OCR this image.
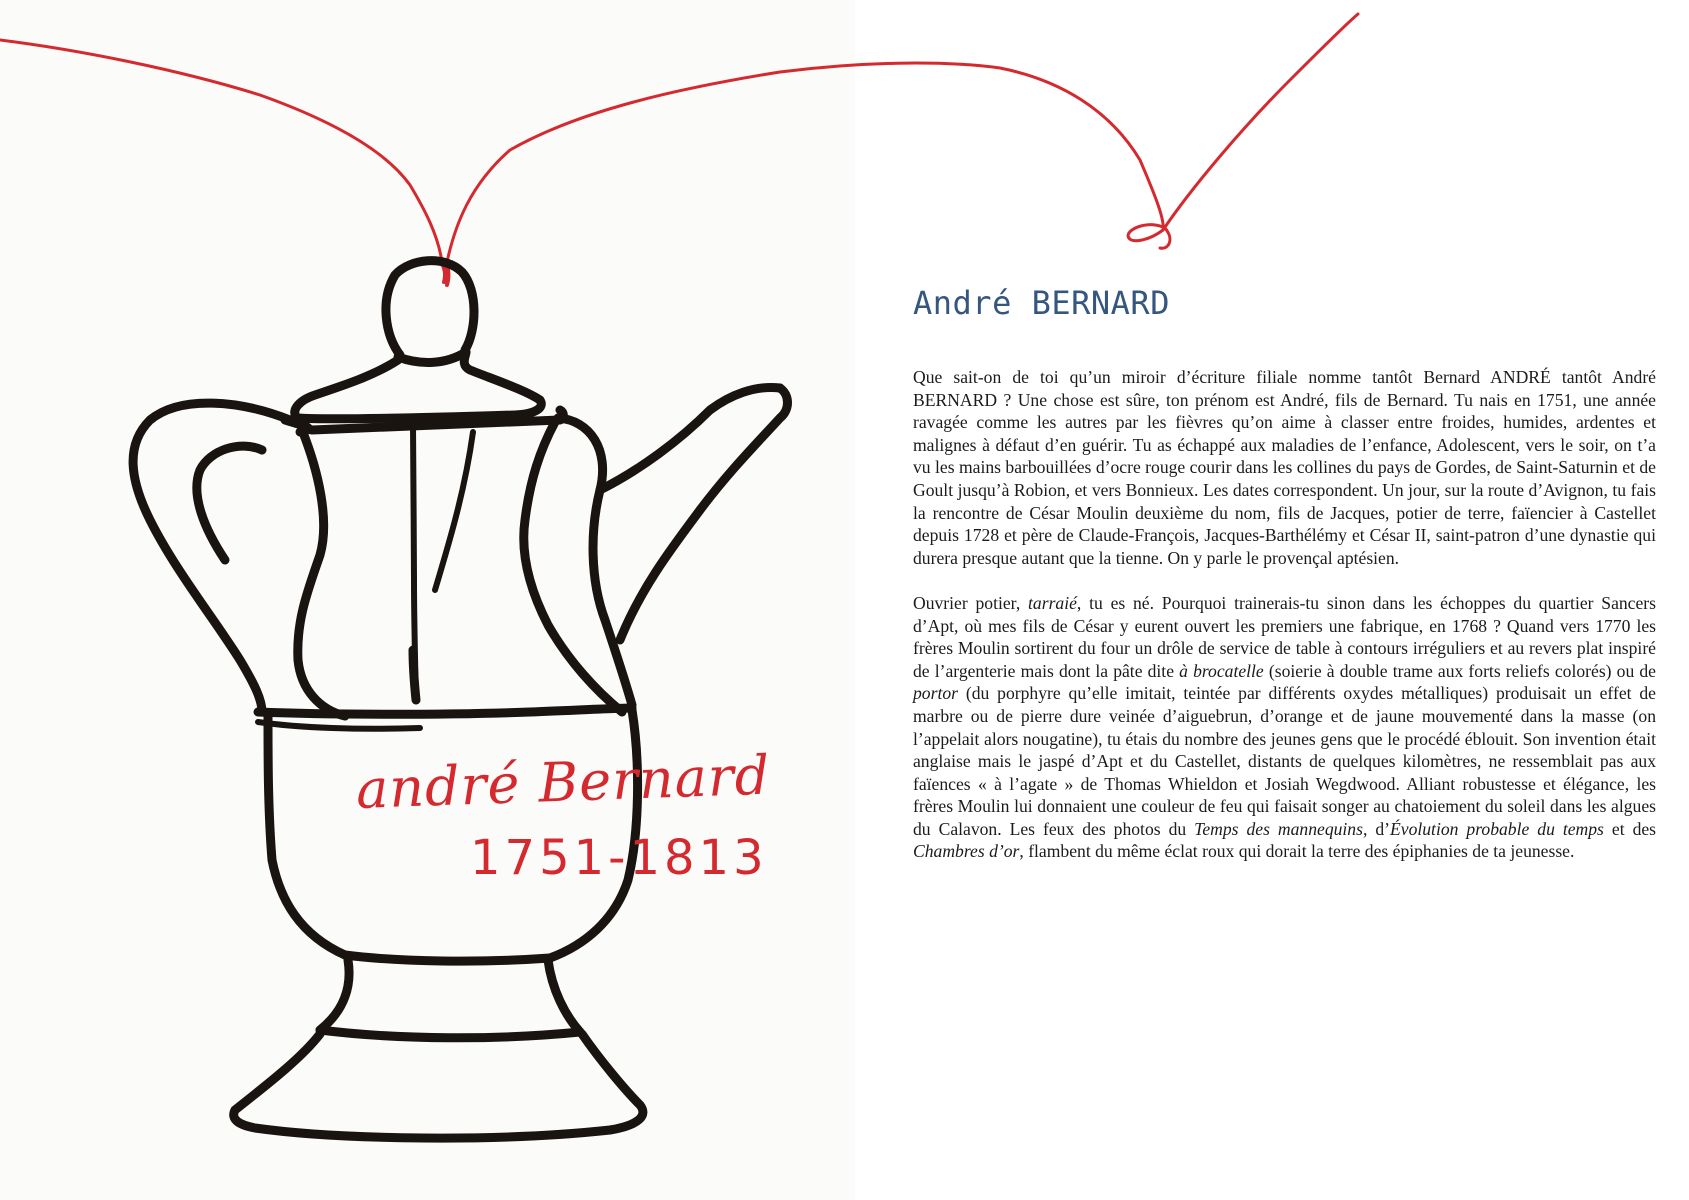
andré Bernard
1751-1813
André BERNARD

Que sait-on de toi qu’un miroir d’écriture filiale nomme tantôt Bernard ANDRÉ tantôt André BERNARD ? Une chose est sûre, ton prénom est André, fils de Bernard. Tu nais en 1751, une année ravagée comme les autres par les fièvres qu’on aime à classer entre froides, humides, ardentes et malignes à défaut d’en guérir. Tu as échappé aux maladies de l’enfance, Adolescent, vers le soir, on t’a vu les mains barbouillées d’ocre rouge courir dans les collines du pays de Gordes, de Saint-Saturnin et de Goult jusqu’à Robion, et vers Bonnieux. Les dates correspondent. Un jour, sur la route d’Avignon, tu fais la rencontre de César Moulin deuxième du nom, fils de Jacques, potier de terre, faïencier à Castellet depuis 1728 et père de Claude-François, Jacques-Barthélémy et César II, saint-patron d’une dynastie qui durera presque autant que la tienne. On y parle le provençal aptésien.

Ouvrier potier, tarraié, tu es né. Pourquoi trainerais-tu sinon dans les échoppes du quartier Sancers d’Apt, où mes fils de César y eurent ouvert les premiers une fabrique, en 1768 ? Quand vers 1770 les frères Moulin sortirent du four un drôle de service de table à contours irréguliers et au revers plat inspiré de l’argenterie mais dont la pâte dite à brocatelle (soierie à double trame aux forts reliefs colorés) ou de portor (du porphyre qu’elle imitait, teintée par différents oxydes métalliques) produisait un effet de marbre ou de pierre dure veinée d’aiguebrun, d’orange et de jaune mouvementé dans la masse (on l’appelait alors nougatine), tu étais du nombre des jeunes gens que le procédé éblouit. Son invention était anglaise mais le jaspé d’Apt et du Castellet, distants de quelques kilomètres, ne ressemblait pas aux faïences « à l’agate » de Thomas Whieldon et Josiah Wegdwood. Alliant robustesse et élégance, les frères Moulin lui donnaient une couleur de feu qui faisait songer au chatoiement du soleil dans les algues du Calavon. Les feux des photos du Temps des mannequins, d’Évolution probable du temps et des Chambres d’or, flambent du même éclat roux qui dorait la terre des épiphanies de ta jeunesse.
